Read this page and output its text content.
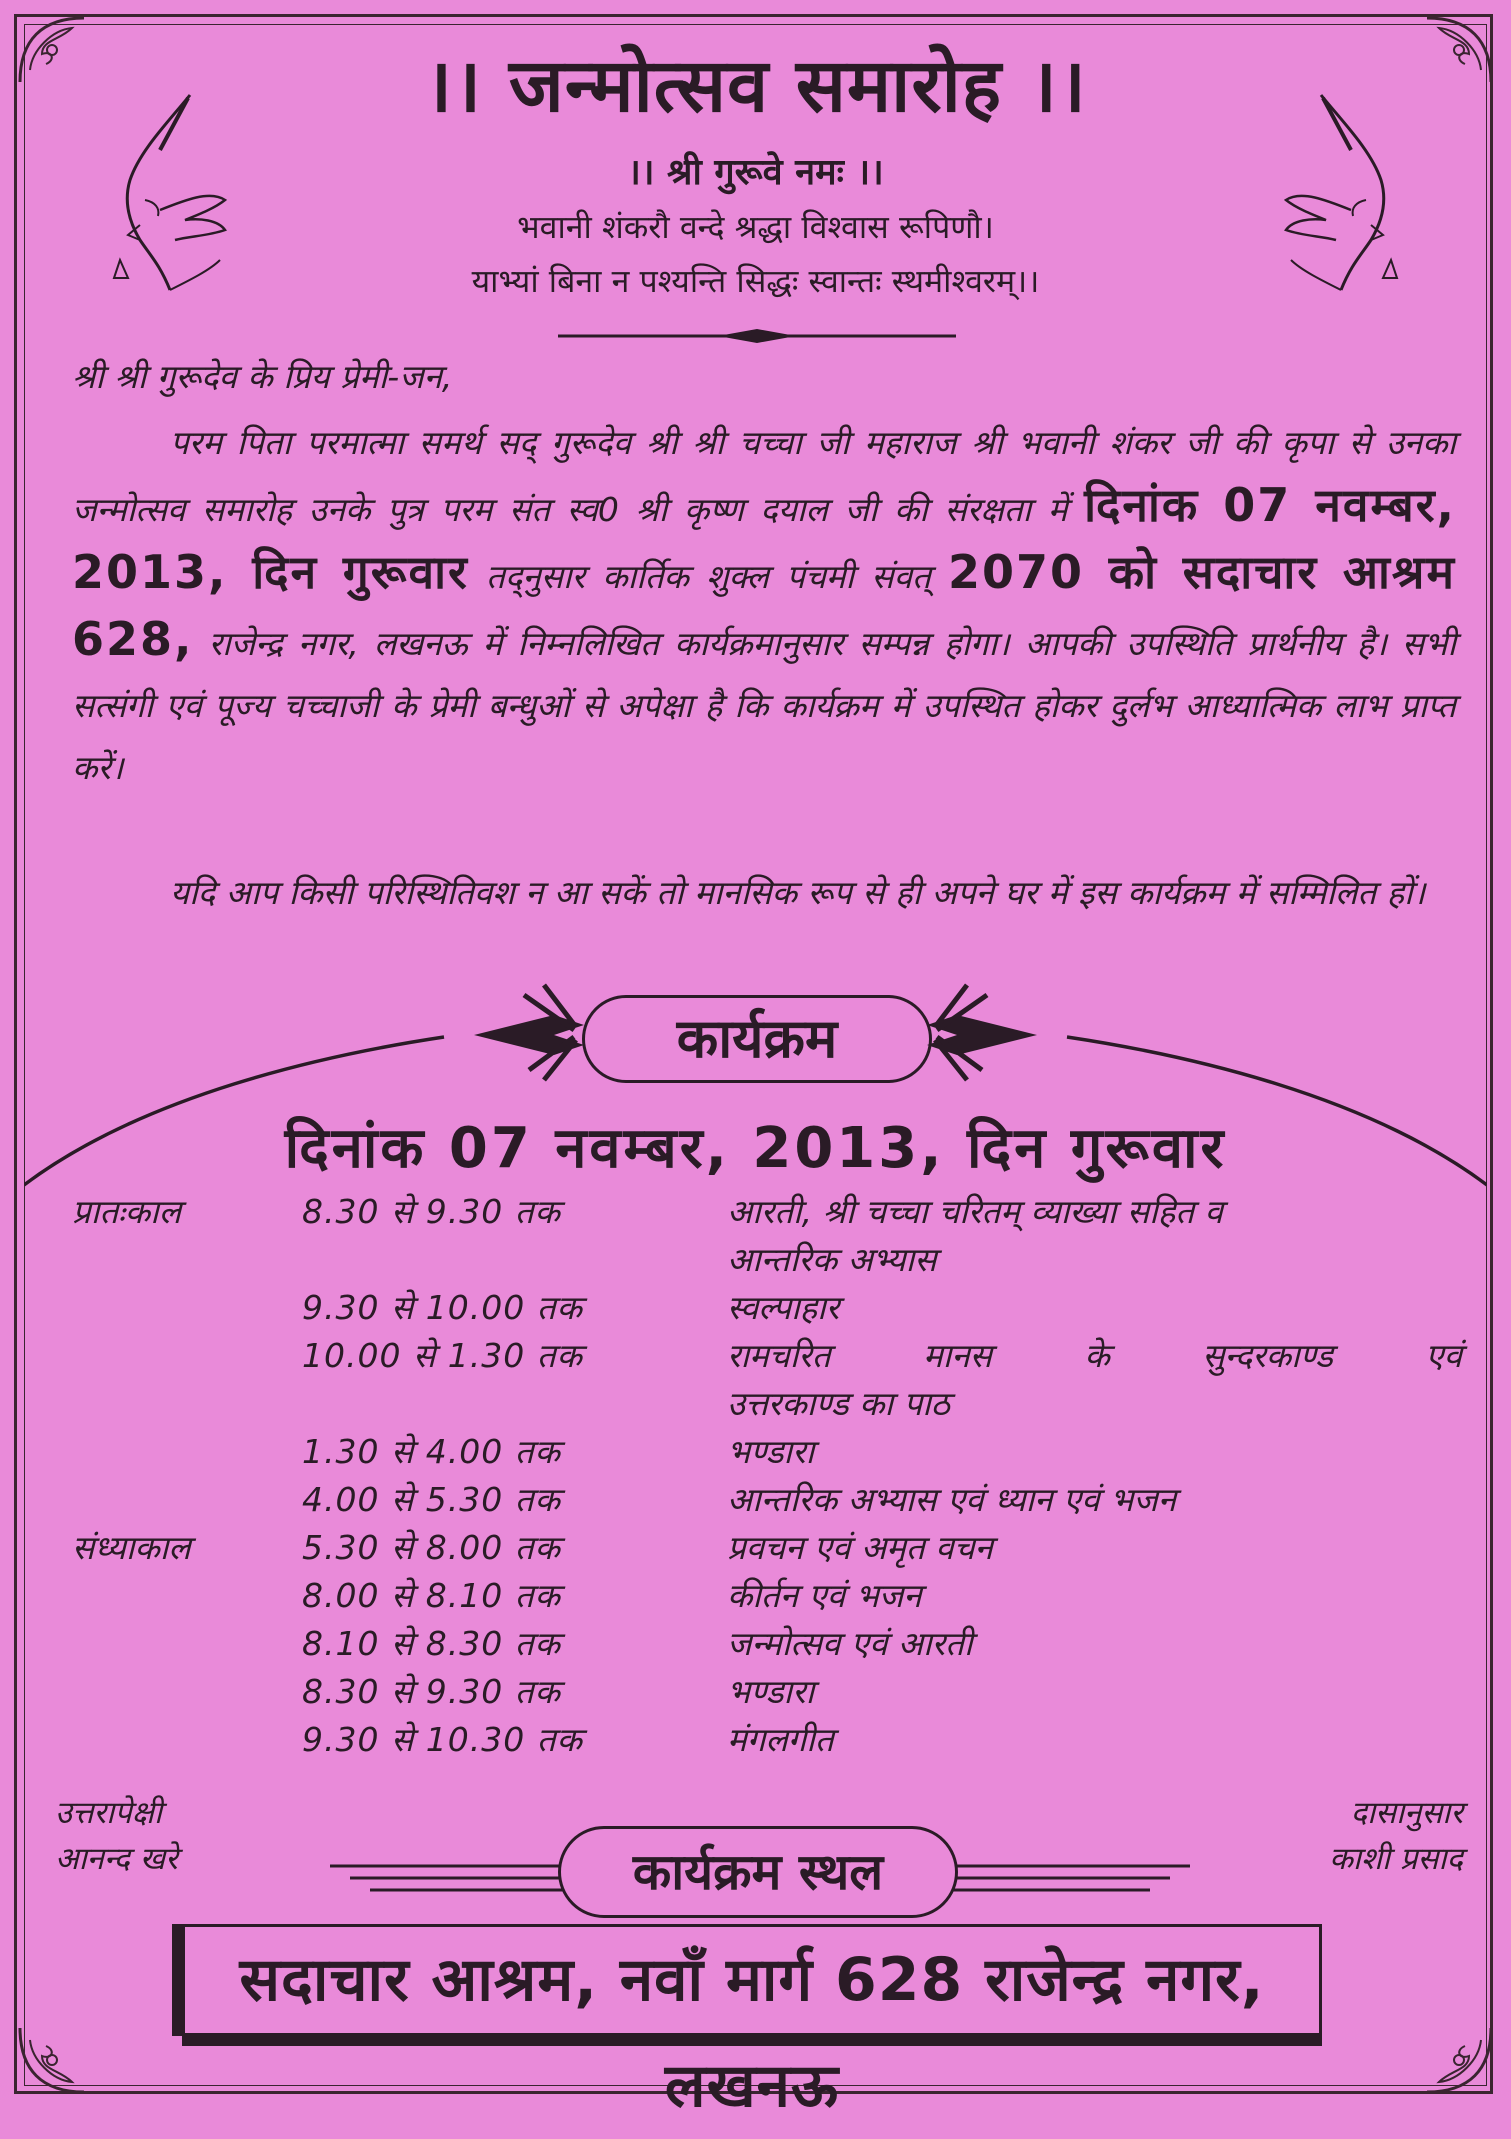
।। जन्मोत्सव समारोह ।।
।। श्री गुरूवे नमः ।।
भवानी शंकरौ वन्दे श्रद्धा विश्वास रूपिणौ।
याभ्यां बिना न पश्यन्ति सिद्धः स्वान्तः स्थमीश्वरम्।।
श्री श्री गुरूदेव के प्रिय प्रेमी-जन,
परम पिता परमात्मा समर्थ सद् गुरूदेव श्री श्री चच्चा जी महाराज श्री भवानी शंकर जी की कृपा से उनका जन्मोत्सव समारोह उनके पुत्र परम संत स्व0 श्री कृष्ण दयाल जी की संरक्षता में दिनांक 07 नवम्बर, 2013, दिन गुरूवार तद्नुसार कार्तिक शुक्ल पंचमी संवत् 2070 को सदाचार आश्रम 628, राजेन्द्र नगर, लखनऊ में निम्नलिखित कार्यक्रमानुसार सम्पन्न होगा। आपकी उपस्थिति प्रार्थनीय है। सभी सत्संगी एवं पूज्य चच्चाजी के प्रेमी बन्धुओं से अपेक्षा है कि कार्यक्रम में उपस्थित होकर दुर्लभ आध्यात्मिक लाभ प्राप्त करें।
यदि आप किसी परिस्थितिवश न आ सकें तो मानसिक रूप से ही अपने घर में इस कार्यक्रम में सम्मिलित हों।
कार्यक्रम
दिनांक 07 नवम्बर, 2013, दिन गुरूवार
प्रातःकाल	8.30 से 9.30 तक	आरती, श्री चच्चा चरितम् व्याख्या सहित व
आन्तरिक अभ्यास
9.30 से 10.00 तक	स्वल्पाहार
10.00 से 1.30 तक	रामचरित मानस के सुन्दरकाण्ड एवं
उत्तरकाण्ड का पाठ
1.30 से 4.00 तक	भण्डारा
4.00 से 5.30 तक	आन्तरिक अभ्यास एवं ध्यान एवं भजन
संध्याकाल	5.30 से 8.00 तक	प्रवचन एवं अमृत वचन
8.00 से 8.10 तक	कीर्तन एवं भजन
8.10 से 8.30 तक	जन्मोत्सव एवं आरती
8.30 से 9.30 तक	भण्डारा
9.30 से 10.30 तक	मंगलगीत
उत्तरापेक्षी
आनन्द खरे
दासानुसार
काशी प्रसाद
कार्यक्रम स्थल
सदाचार आश्रम, नवाँ मार्ग 628 राजेन्द्र नगर, लखनऊ
